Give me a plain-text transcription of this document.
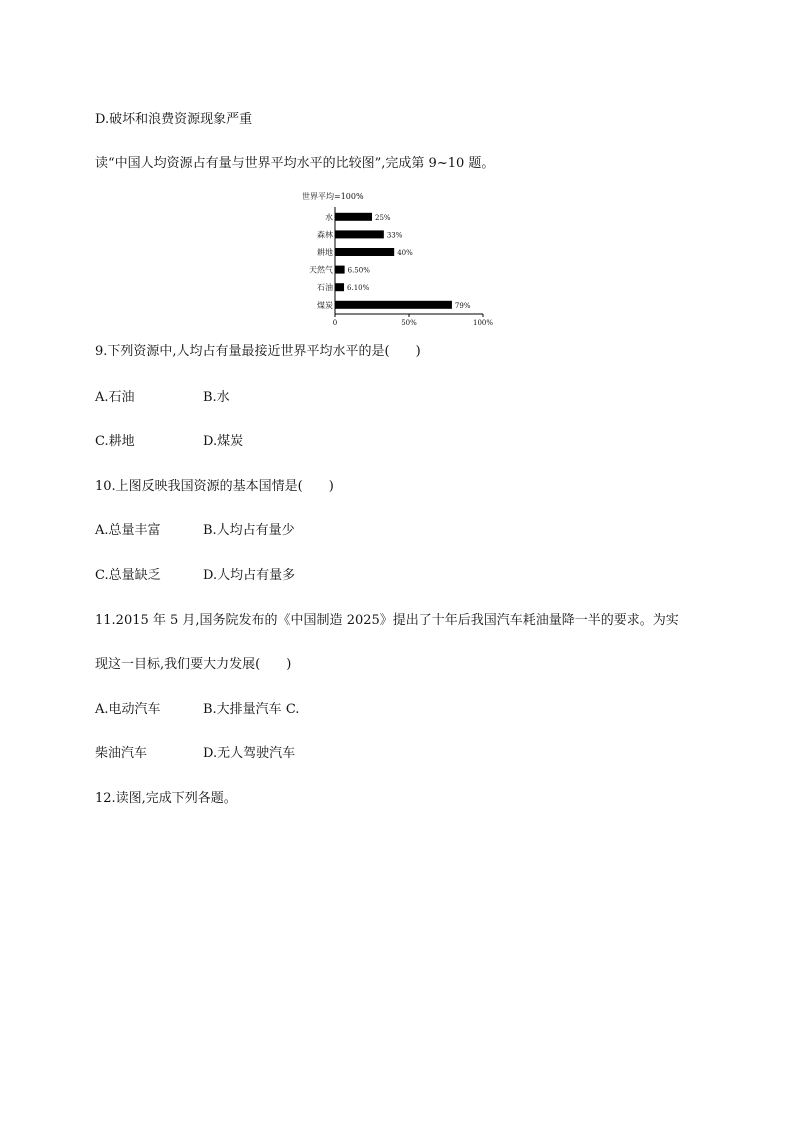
D.破坏和浪费资源现象严重
读“中国人均资源占有量与世界平均水平的比较图”,完成第 9~10 题。
世界平均=100%
水	25%
森林	33%
耕地	40%
天然气 6.50%
石油 6.10%
煤炭	79%
0	50%	100%
9.下列资源中,人均占有量最接近世界平均水平的是(　　)
A.石油	B.水
C.耕地	D.煤炭
10.上图反映我国资源的基本国情是(　　)
A.总量丰富	B.人均占有量少
C.总量缺乏	D.人均占有量多
11.2015 年 5 月,国务院发布的《中国制造 2025》提出了十年后我国汽车耗油量降一半的要求。为实
现这一目标,我们要大力发展(　　)
A.电动汽车	B.大排量汽车 C.
柴油汽车	D.无人驾驶汽车
12.读图,完成下列各题。
